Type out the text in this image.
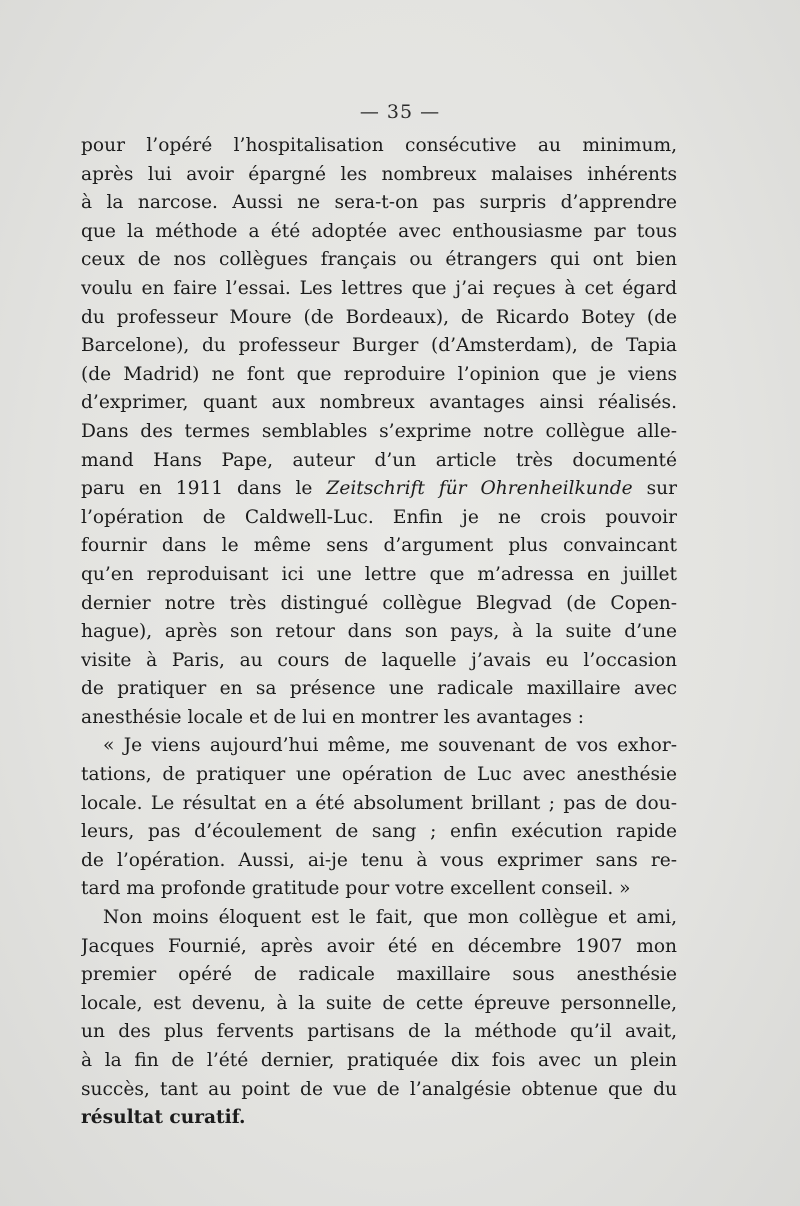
— 35 —
pour l’opéré l’hospitalisation consécutive au minimum,
après lui avoir épargné les nombreux malaises inhérents
à la narcose. Aussi ne sera-t-on pas surpris d’apprendre
que la méthode a été adoptée avec enthousiasme par tous
ceux de nos collègues français ou étrangers qui ont bien
voulu en faire l’essai. Les lettres que j’ai reçues à cet égard
du professeur Moure (de Bordeaux), de Ricardo Botey (de
Barcelone), du professeur Burger (d’Amsterdam), de Tapia
(de Madrid) ne font que reproduire l’opinion que je viens
d’exprimer, quant aux nombreux avantages ainsi réalisés.
Dans des termes semblables s’exprime notre collègue alle-
mand Hans Pape, auteur d’un article très documenté
paru en 1911 dans le Zeitschrift für Ohrenheilkunde sur
l’opération de Caldwell-Luc. Enfin je ne crois pouvoir
fournir dans le même sens d’argument plus convaincant
qu’en reproduisant ici une lettre que m’adressa en juillet
dernier notre très distingué collègue Blegvad (de Copen-
hague), après son retour dans son pays, à la suite d’une
visite à Paris, au cours de laquelle j’avais eu l’occasion
de pratiquer en sa présence une radicale maxillaire avec
anesthésie locale et de lui en montrer les avantages :
« Je viens aujourd’hui même, me souvenant de vos exhor-
tations, de pratiquer une opération de Luc avec anesthésie
locale. Le résultat en a été absolument brillant ; pas de dou-
leurs, pas d’écoulement de sang ; enfin exécution rapide
de l’opération. Aussi, ai-je tenu à vous exprimer sans re-
tard ma profonde gratitude pour votre excellent conseil. »
Non moins éloquent est le fait, que mon collègue et ami,
Jacques Fournié, après avoir été en décembre 1907 mon
premier opéré de radicale maxillaire sous anesthésie
locale, est devenu, à la suite de cette épreuve personnelle,
un des plus fervents partisans de la méthode qu’il avait,
à la fin de l’été dernier, pratiquée dix fois avec un plein
succès, tant au point de vue de l’analgésie obtenue que du
résultat curatif.
